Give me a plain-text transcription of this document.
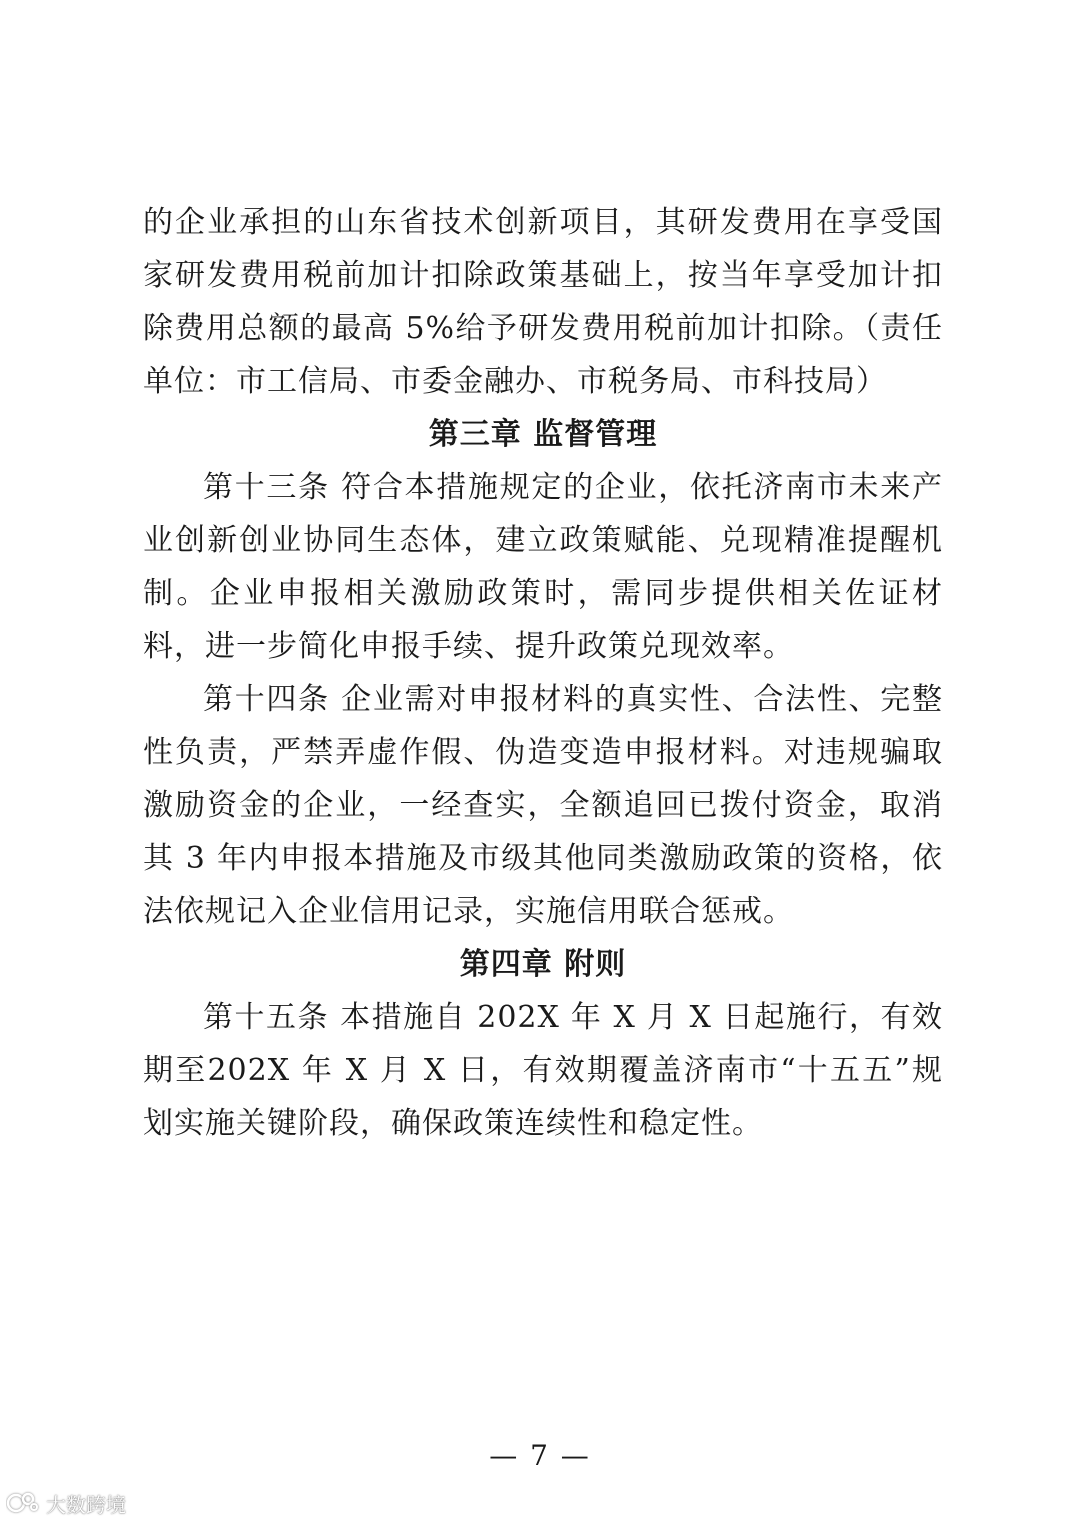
的企业承担的山东省技术创新项目，其研发费用在享受国家研发费用税前加计扣除政策基础上，按当年享受加计扣除费用总额的最高 5%给予研发费用税前加计扣除。（责任单位：市工信局、市委金融办、市税务局、市科技局）

第三章 监督管理

第十三条 符合本措施规定的企业，依托济南市未来产业创新创业协同生态体，建立政策赋能、兑现精准提醒机制。企业申报相关激励政策时，需同步提供相关佐证材料，进一步简化申报手续、提升政策兑现效率。

第十四条 企业需对申报材料的真实性、合法性、完整性负责，严禁弄虚作假、伪造变造申报材料。对违规骗取激励资金的企业，一经查实，全额追回已拨付资金，取消其 3 年内申报本措施及市级其他同类激励政策的资格，依法依规记入企业信用记录，实施信用联合惩戒。

第四章 附则

第十五条 本措施自 202X 年 X 月 X 日起施行，有效期至202X 年 X 月 X 日，有效期覆盖济南市“十五五”规划实施关键阶段，确保政策连续性和稳定性。

— 7 —
大数跨境
